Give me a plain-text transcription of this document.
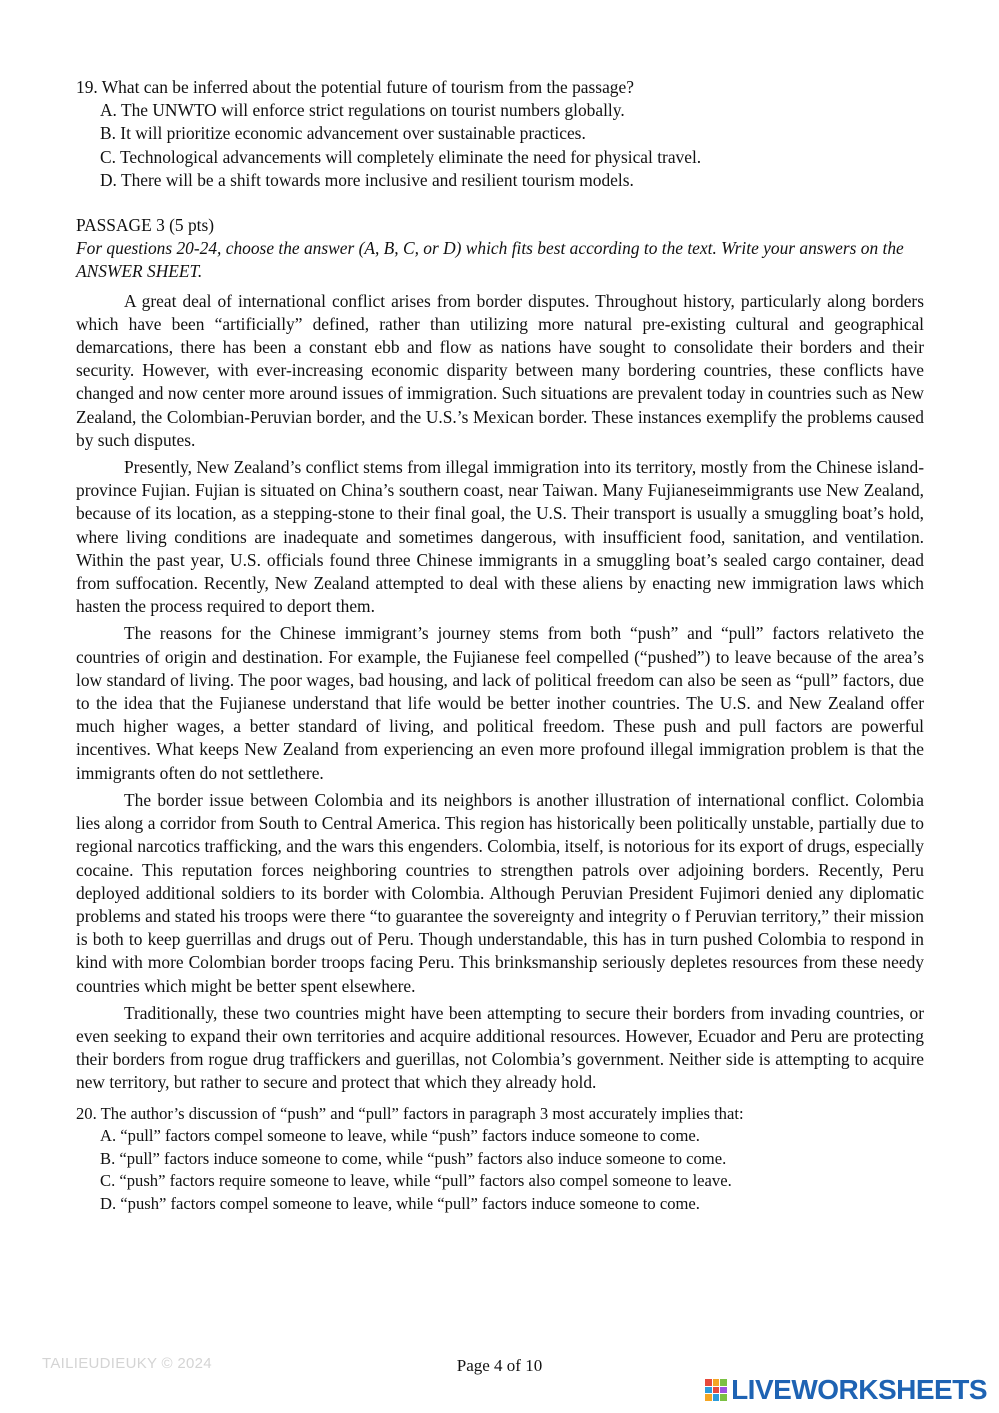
19. What can be inferred about the potential future of tourism from the passage?

A. The UNWTO will enforce strict regulations on tourist numbers globally.

B. It will prioritize economic advancement over sustainable practices.

C. Technological advancements will completely eliminate the need for physical travel.

D. There will be a shift towards more inclusive and resilient tourism models.

PASSAGE 3 (5 pts)

For questions 20-24, choose the answer (A, B, C, or D) which fits best according to the text. Write your answers on the ANSWER SHEET.

A great deal of international conflict arises from border disputes. Throughout history, particularly along borders which have been “artificially” defined, rather than utilizing more natural pre-existing cultural and geographical demarcations, there has been a constant ebb and flow as nations have sought to consolidate their borders and their security. However, with ever-increasing economic disparity between many bordering countries, these conflicts have changed and now center more around issues of immigration. Such situations are prevalent today in countries such as New Zealand, the Colombian-Peruvian border, and the U.S.’s Mexican border. These instances exemplify the problems caused by such disputes.

Presently, New Zealand’s conflict stems from illegal immigration into its territory, mostly from the Chinese island- province Fujian. Fujian is situated on China’s southern coast, near Taiwan. Many Fujianeseimmigrants use New Zealand, because of its location, as a stepping-stone to their final goal, the U.S. Their transport is usually a smuggling boat’s hold, where living conditions are inadequate and sometimes dangerous, with insufficient food, sanitation, and ventilation. Within the past year, U.S. officials found three Chinese immigrants in a smuggling boat’s sealed cargo container, dead from suffocation. Recently, New Zealand attempted to deal with these aliens by enacting new immigration laws which hasten the process required to deport them.

The reasons for the Chinese immigrant’s journey stems from both “push” and “pull” factors relativeto the countries of origin and destination. For example, the Fujianese feel compelled (“pushed”) to leave because of the area’s low standard of living. The poor wages, bad housing, and lack of political freedom can also be seen as “pull” factors, due to the idea that the Fujianese understand that life would be better inother countries. The U.S. and New Zealand offer much higher wages, a better standard of living, and political freedom. These push and pull factors are powerful incentives. What keeps New Zealand from experiencing an even more profound illegal immigration problem is that the immigrants often do not settlethere.

The border issue between Colombia and its neighbors is another illustration of international conflict. Colombia lies along a corridor from South to Central America. This region has historically been politically unstable, partially due to regional narcotics trafficking, and the wars this engenders. Colombia, itself, is notorious for its export of drugs, especially cocaine. This reputation forces neighboring countries to strengthen patrols over adjoining borders. Recently, Peru deployed additional soldiers to its border with Colombia. Although Peruvian President Fujimori denied any diplomatic problems and stated his troops were there “to guarantee the sovereignty and integrity o f Peruvian territory,” their mission is both to keep guerrillas and drugs out of Peru. Though understandable, this has in turn pushed Colombia to respond in kind with more Colombian border troops facing Peru. This brinksmanship seriously depletes resources from these needy countries which might be better spent elsewhere.

Traditionally, these two countries might have been attempting to secure their borders from invading countries, or even seeking to expand their own territories and acquire additional resources. However, Ecuador and Peru are protecting their borders from rogue drug traffickers and guerillas, not Colombia’s government. Neither side is attempting to acquire new territory, but rather to secure and protect that which they already hold.

20. The author’s discussion of “push” and “pull” factors in paragraph 3 most accurately implies that:

A. “pull” factors compel someone to leave, while “push” factors induce someone to come.

B. “pull” factors induce someone to come, while “push” factors also induce someone to come.

C. “push” factors require someone to leave, while “pull” factors also compel someone to leave.

D. “push” factors compel someone to leave, while “pull” factors induce someone to come.

TAILIEUDIEUKY © 2024	Page 4 of 10
LIVEWORKSHEETS
